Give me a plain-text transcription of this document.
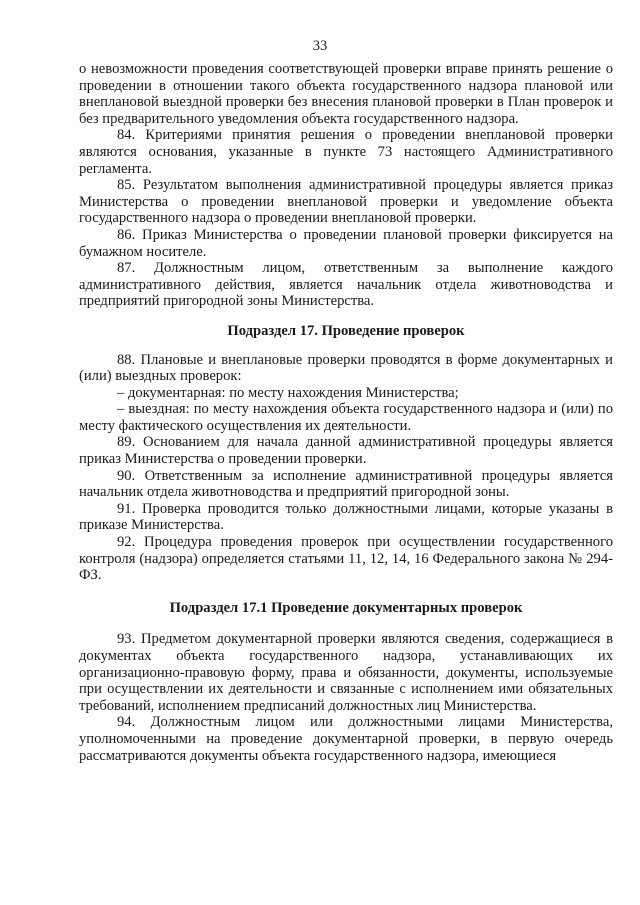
33

о невозможности проведения соответствующей проверки вправе принять решение о проведении в отношении такого объекта государственного надзора плановой или внеплановой выездной проверки без внесения плановой проверки в План проверок и без предварительного уведомления объекта государственного надзора.

84. Критериями принятия решения о проведении внеплановой проверки являются основания, указанные в пункте 73 настоящего Административного регламента.

85. Результатом выполнения административной процедуры является приказ Министерства о проведении внеплановой проверки и уведомление объекта государственного надзора о проведении внеплановой проверки.

86. Приказ Министерства о проведении плановой проверки фиксируется на бумажном носителе.

87. Должностным лицом, ответственным за выполнение каждого административного действия, является начальник отдела животноводства и предприятий пригородной зоны Министерства.

Подраздел 17. Проведение проверок

88. Плановые и внеплановые проверки проводятся в форме документарных и (или) выездных проверок:

– документарная: по месту нахождения Министерства;

– выездная: по месту нахождения объекта государственного надзора и (или) по месту фактического осуществления их деятельности.

89. Основанием для начала данной административной процедуры является приказ Министерства о проведении проверки.

90. Ответственным за исполнение административной процедуры является начальник отдела животноводства и предприятий пригородной зоны.

91. Проверка проводится только должностными лицами, которые указаны в приказе Министерства.

92. Процедура проведения проверок при осуществлении государственного контроля (надзора) определяется статьями 11, 12, 14, 16 Федерального закона № 294-ФЗ.

Подраздел 17.1 Проведение документарных проверок

93. Предметом документарной проверки являются сведения, содержащиеся в документах объекта государственного надзора, устанавливающих их организационно-правовую форму, права и обязанности, документы, используемые при осуществлении их деятельности и связанные с исполнением ими обязательных требований, исполнением предписаний должностных лиц Министерства.

94. Должностным лицом или должностными лицами Министерства, уполномоченными на проведение документарной проверки, в первую очередь рассматриваются документы объекта государственного надзора, имеющиеся
